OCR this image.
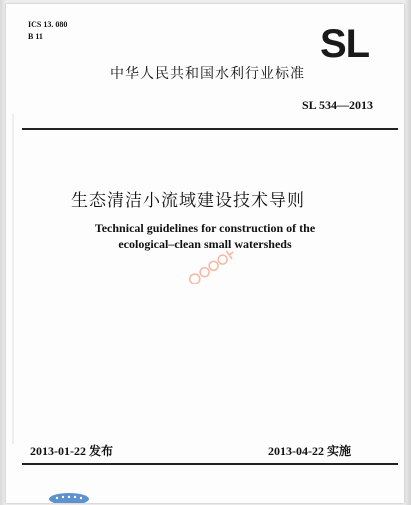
ICS 13. 080
B 11	SL
中华人民共和国水利行业标准
SL 534—2013
生态清洁小流域建设技术导则
Technical guidelines for construction of the
ecological–clean small watersheds
2013-01-22 发布	2013-04-22 实施
